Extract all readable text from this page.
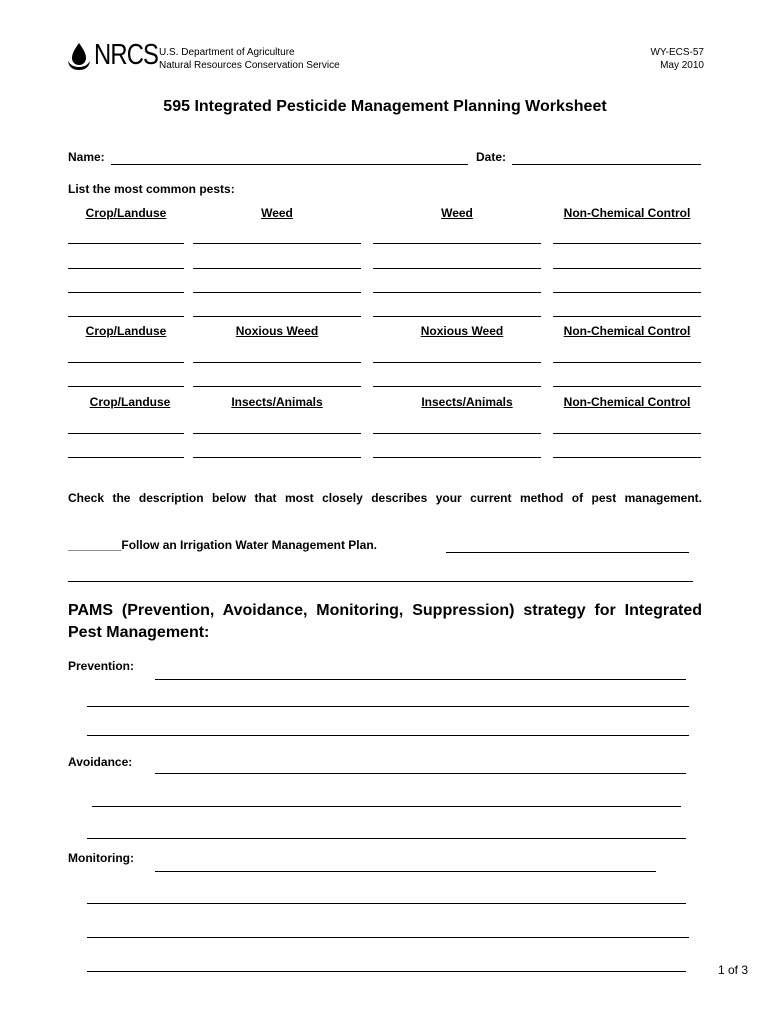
NRCS U.S. Department of Agriculture
Natural Resources Conservation Service
WY-ECS-57
May 2010
595 Integrated Pesticide Management Planning Worksheet
Name:	Date:
List the most common pests:
Crop/Landuse	Weed	Weed	Non-Chemical Control
Crop/Landuse	Noxious Weed	Noxious Weed	Non-Chemical Control
Crop/Landuse	Insects/Animals	Insects/Animals	Non-Chemical Control
Check the description below that most closely describes your current method of pest management.
________Follow an Irrigation Water Management Plan.
PAMS (Prevention, Avoidance, Monitoring, Suppression) strategy for Integrated Pest Management:
Prevention:
Avoidance:
Monitoring:
1 of 3
